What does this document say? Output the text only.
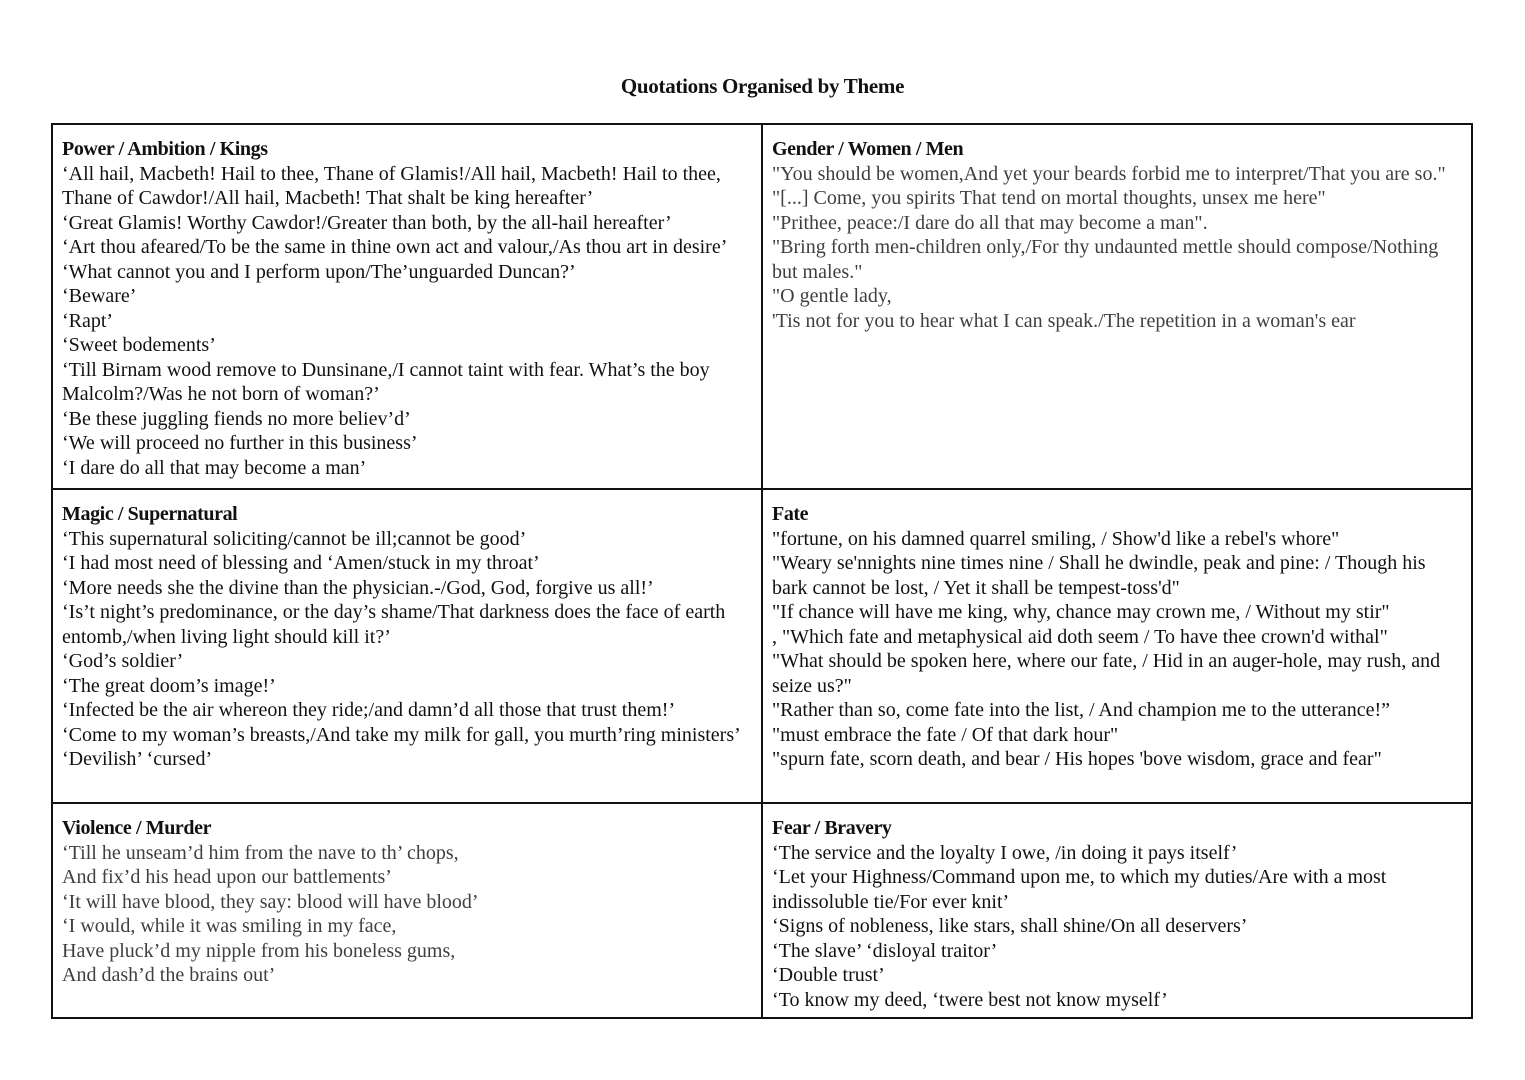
Quotations Organised by Theme
Power / Ambition / Kings
‘All hail, Macbeth! Hail to thee, Thane of Glamis!/All hail, Macbeth! Hail to thee, Thane of Cawdor!/All hail, Macbeth! That shalt be king hereafter’
‘Great Glamis! Worthy Cawdor!/Greater than both, by the all-hail hereafter’
‘Art thou afeared/To be the same in thine own act and valour,/As thou art in desire’
‘What cannot you and I perform upon/The’unguarded Duncan?’
‘Beware’
‘Rapt’
‘Sweet bodements’
‘Till Birnam wood remove to Dunsinane,/I cannot taint with fear. What’s the boy Malcolm?/Was he not born of woman?’
‘Be these juggling fiends no more believ’d’
‘We will proceed no further in this business’
‘I dare do all that may become a man’
Gender / Women / Men
"You should be women,And yet your beards forbid me to interpret/That you are so."
"[...] Come, you spirits That tend on mortal thoughts, unsex me here"
"Prithee, peace:/I dare do all that may become a man".
"Bring forth men-children only,/For thy undaunted mettle should compose/Nothing but males."
"O gentle lady,
'Tis not for you to hear what I can speak./The repetition in a woman's ear
Magic / Supernatural
‘This supernatural soliciting/cannot be ill;cannot be good’
‘I had most need of blessing and ‘Amen/stuck in my throat’
‘More needs she the divine than the physician.-/God, God, forgive us all!’
‘Is’t night’s predominance, or the day’s shame/That darkness does the face of earth entomb,/when living light should kill it?’
‘God’s soldier’
‘The great doom’s image!’
‘Infected be the air whereon they ride;/and damn’d all those that trust them!’
‘Come to my woman’s breasts,/And take my milk for gall, you murth’ring ministers’
‘Devilish’ ‘cursed’
Fate
"fortune, on his damned quarrel smiling, / Show'd like a rebel's whore"
"Weary se'nnights nine times nine / Shall he dwindle, peak and pine: / Though his bark cannot be lost, / Yet it shall be tempest-toss'd"
"If chance will have me king, why, chance may crown me, / Without my stir"
, "Which fate and metaphysical aid doth seem / To have thee crown'd withal"
"What should be spoken here, where our fate, / Hid in an auger-hole, may rush, and seize us?"
"Rather than so, come fate into the list, / And champion me to the utterance!”
"must embrace the fate / Of that dark hour"
"spurn fate, scorn death, and bear / His hopes 'bove wisdom, grace and fear"
Violence / Murder
‘Till he unseam’d him from the nave to th’ chops,
And fix’d his head upon our battlements’
‘It will have blood, they say: blood will have blood’
‘I would, while it was smiling in my face,
Have pluck’d my nipple from his boneless gums,
And dash’d the brains out’
Fear / Bravery
‘The service and the loyalty I owe, /in doing it pays itself’
‘Let your Highness/Command upon me, to which my duties/Are with a most indissoluble tie/For ever knit’
‘Signs of nobleness, like stars, shall shine/On all deservers’
‘The slave’ ‘disloyal traitor’
‘Double trust’
‘To know my deed, ‘twere best not know myself’
